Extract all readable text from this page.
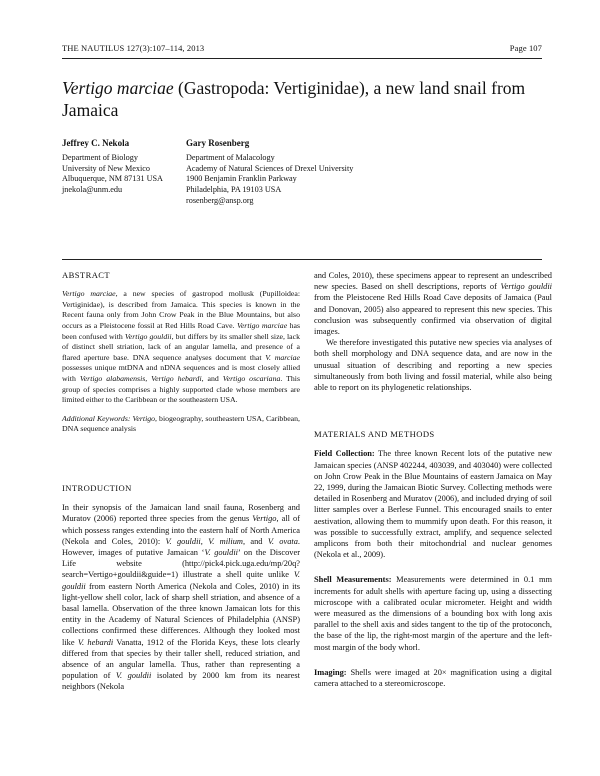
THE NAUTILUS 127(3):107–114, 2013	Page 107
Vertigo marciae (Gastropoda: Vertiginidae), a new land snail from Jamaica
Jeffrey C. Nekola
Department of Biology
University of New Mexico
Albuquerque, NM 87131 USA
jnekola@unm.edu
Gary Rosenberg
Department of Malacology
Academy of Natural Sciences of Drexel University
1900 Benjamin Franklin Parkway
Philadelphia, PA 19103 USA
rosenberg@ansp.org
ABSTRACT

Vertigo marciae, a new species of gastropod mollusk (Pupilloidea: Vertiginidae), is described from Jamaica. This species is known in the Recent fauna only from John Crow Peak in the Blue Mountains, but also occurs as a Pleistocene fossil at Red Hills Road Cave. Vertigo marciae has been confused with Vertigo gouldii, but differs by its smaller shell size, lack of distinct shell striation, lack of an angular lamella, and presence of a flared aperture base. DNA sequence analyses document that V. marciae possesses unique mtDNA and nDNA sequences and is most closely allied with Vertigo alabamensis, Vertigo hebardi, and Vertigo oscariana. This group of species comprises a highly supported clade whose members are limited either to the Caribbean or the southeastern USA.

Additional Keywords: Vertigo, biogeography, southeastern USA, Caribbean, DNA sequence analysis

INTRODUCTION

In their synopsis of the Jamaican land snail fauna, Rosenberg and Muratov (2006) reported three species from the genus Vertigo, all of which possess ranges extending into the eastern half of North America (Nekola and Coles, 2010): V. gouldii, V. milium, and V. ovata. However, images of putative Jamaican ‘V. gouldii’ on the Discover Life website (http://pick4.pick.uga.edu/mp/20q?search=Vertigo+gouldii&guide=1) illustrate a shell quite unlike V. gouldii from eastern North America (Nekola and Coles, 2010) in its light-yellow shell color, lack of sharp shell striation, and absence of a basal lamella. Observation of the three known Jamaican lots for this entity in the Academy of Natural Sciences of Philadelphia (ANSP) collections confirmed these differences. Although they looked most like V. hebardi Vanatta, 1912 of the Florida Keys, these lots clearly differed from that species by their taller shell, reduced striation, and absence of an angular lamella. Thus, rather than representing a population of V. gouldii isolated by 2000 km from its nearest neighbors (Nekola

and Coles, 2010), these specimens appear to represent an undescribed new species. Based on shell descriptions, reports of Vertigo gouldii from the Pleistocene Red Hills Road Cave deposits of Jamaica (Paul and Donovan, 2005) also appeared to represent this new species. This conclusion was subsequently confirmed via observation of digital images.

We therefore investigated this putative new species via analyses of both shell morphology and DNA sequence data, and are now in the unusual situation of describing and reporting a new species simultaneously from both living and fossil material, while also being able to report on its phylogenetic relationships.

MATERIALS AND METHODS

Field Collection: The three known Recent lots of the putative new Jamaican species (ANSP 402244, 403039, and 403040) were collected on John Crow Peak in the Blue Mountains of eastern Jamaica on May 22, 1999, during the Jamaican Biotic Survey. Collecting methods were detailed in Rosenberg and Muratov (2006), and included drying of soil litter samples over a Berlese Funnel. This encouraged snails to enter aestivation, allowing them to mummify upon death. For this reason, it was possible to successfully extract, amplify, and sequence selected amplicons from both their mitochondrial and nuclear genomes (Nekola et al., 2009).

Shell Measurements: Measurements were determined in 0.1 mm increments for adult shells with aperture facing up, using a dissecting microscope with a calibrated ocular micrometer. Height and width were measured as the dimensions of a bounding box with long axis parallel to the shell axis and sides tangent to the tip of the protoconch, the base of the lip, the right-most margin of the aperture and the left-most margin of the body whorl.

Imaging: Shells were imaged at 20× magnification using a digital camera attached to a stereomicroscope.
